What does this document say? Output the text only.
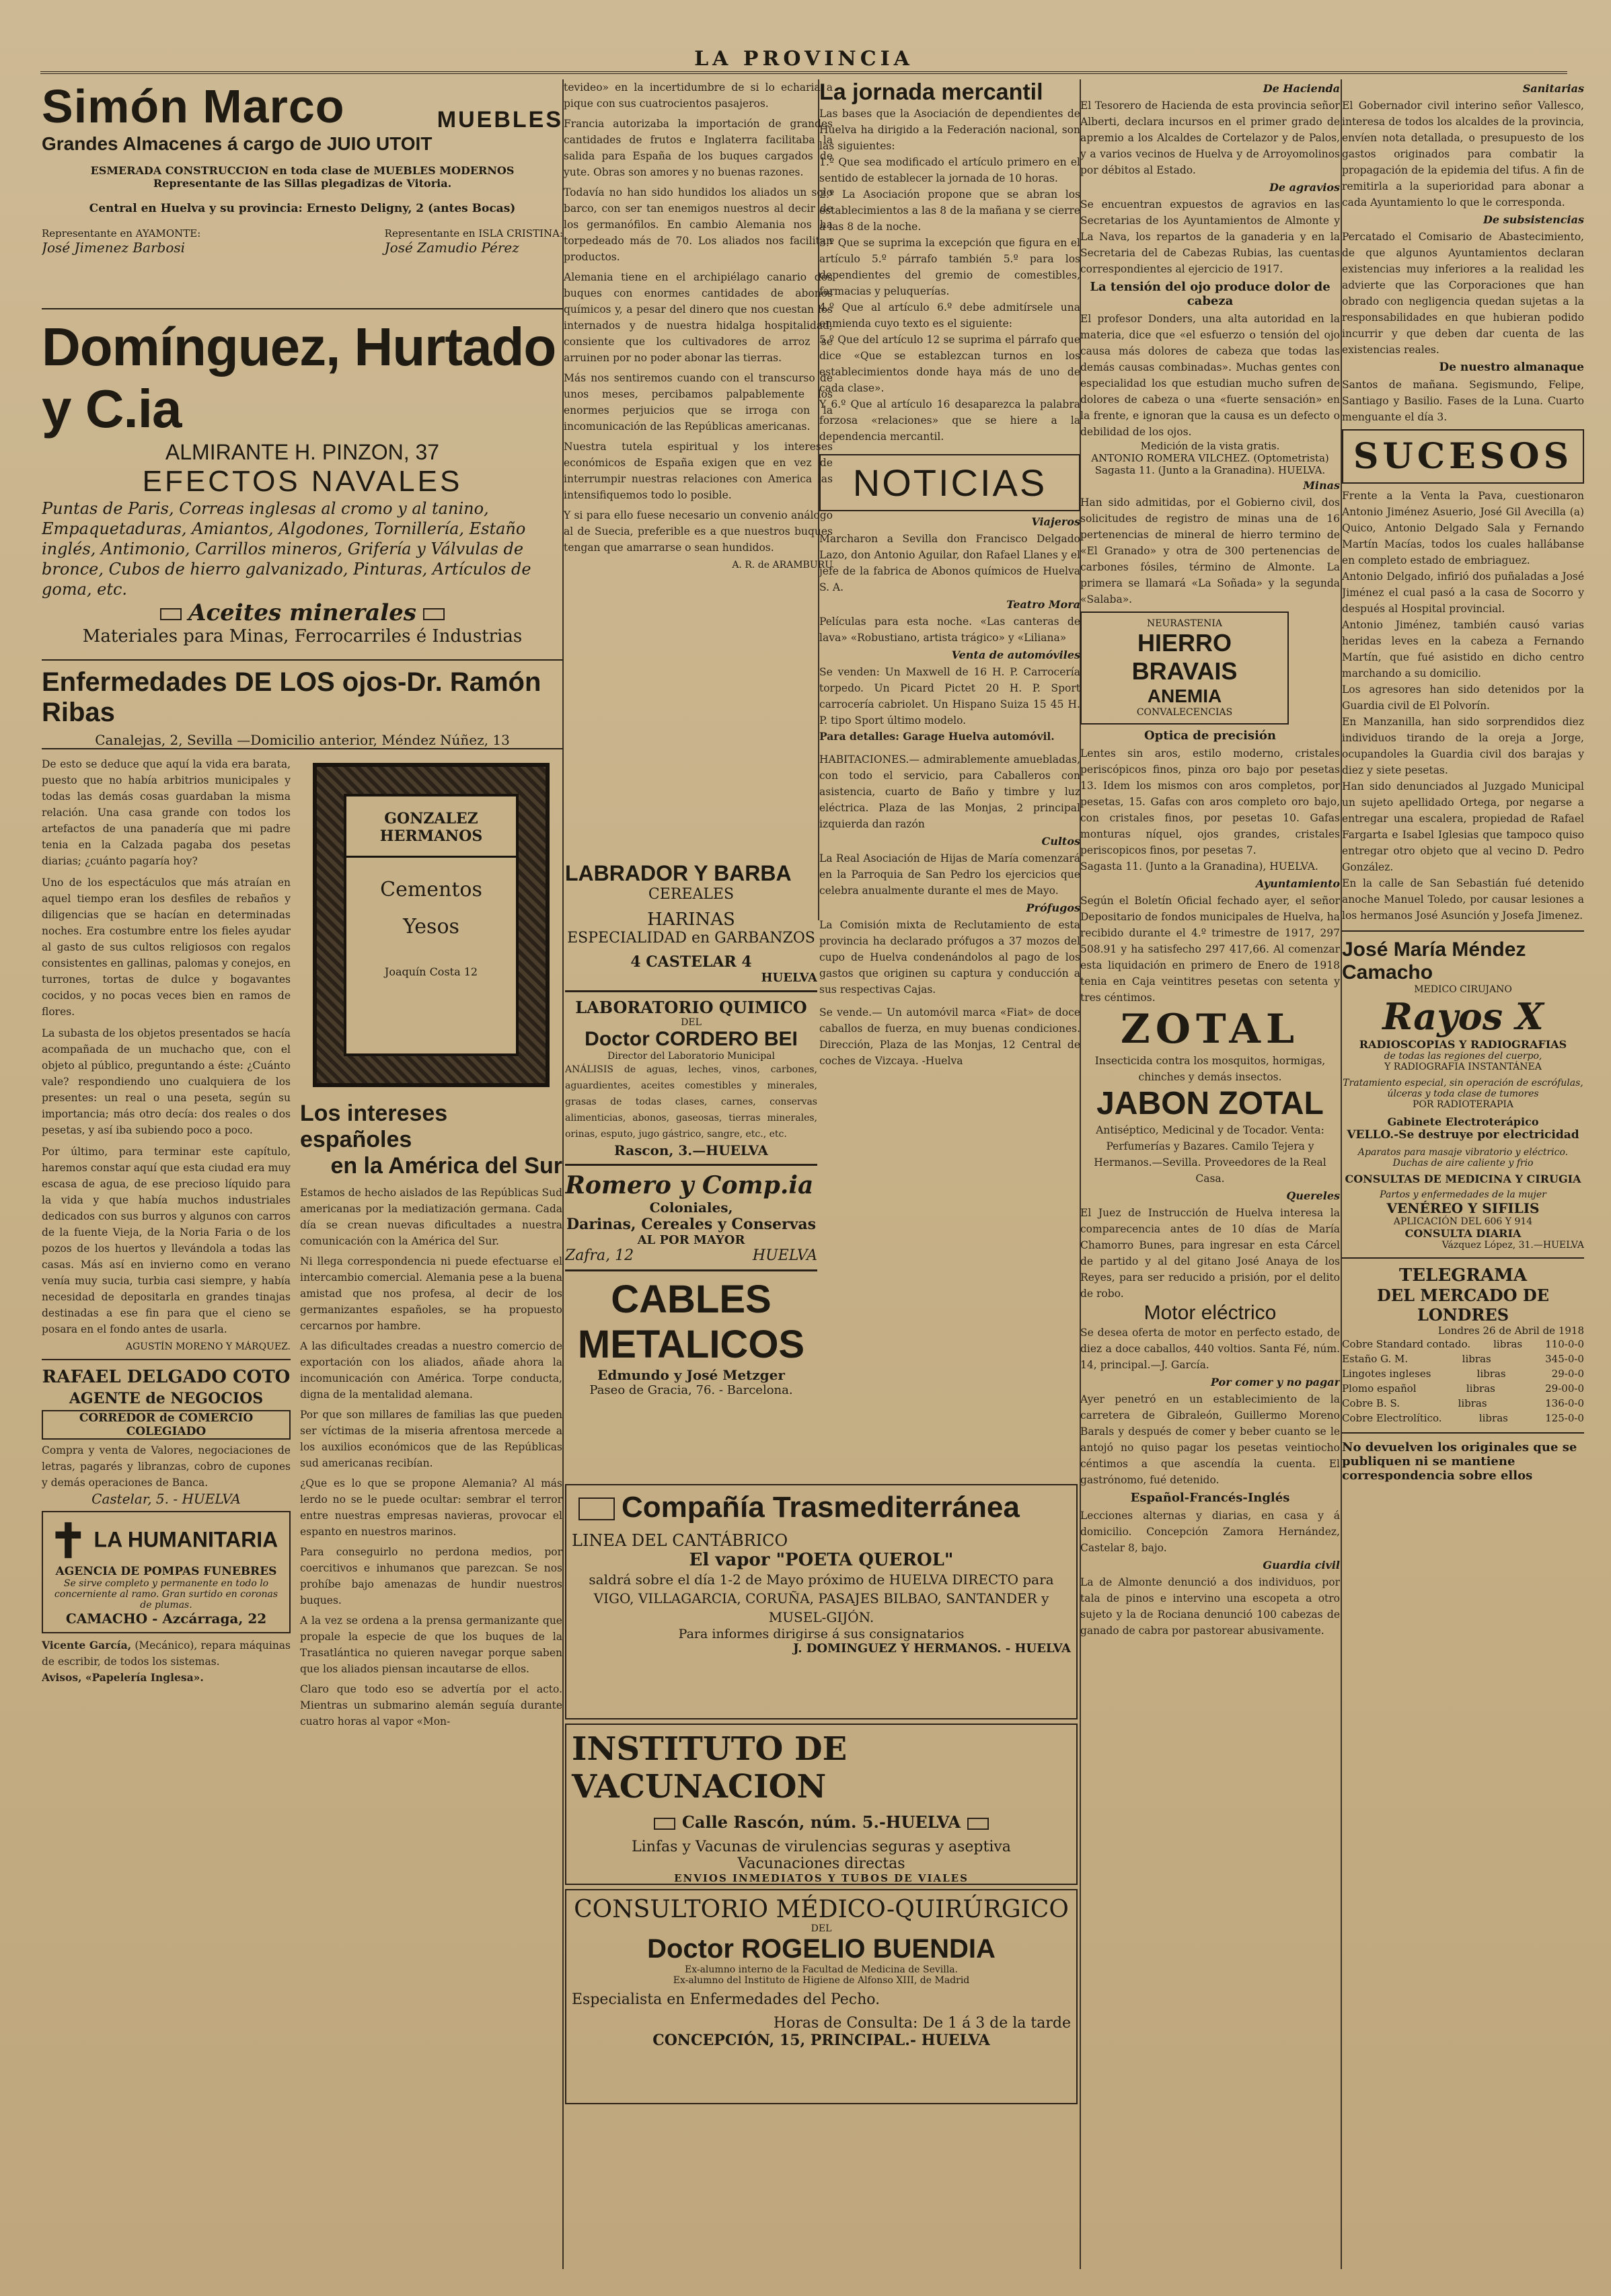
LA PROVINCIA
Simón Marco	MUEBLES

Grandes Almacenes á cargo de JUIO UTOIT

ESMERADA CONSTRUCCION en toda clase de MUEBLES MODERNOS

Representante de las Sillas plegadizas de Vitoria.

Central en Huelva y su provincia: Ernesto Deligny, 2 (antes Bocas)

Representante en AYAMONTE:

José Jimenez Barbosi

Representante en ISLA CRISTINA:

José Zamudio Pérez

Domínguez, Hurtado y C.ia

ALMIRANTE H. PINZON, 37

EFECTOS NAVALES

Puntas de Paris, Correas inglesas al cromo y al tanino, Empaquetaduras, Amiantos, Algodones, Tornillería, Estaño inglés, Antimonio, Carrillos mineros, Grifería y Válvulas de bronce, Cubos de hierro galvanizado, Pinturas, Artículos de goma, etc.

Aceites minerales

Materiales para Minas, Ferrocarriles é Industrias

Enfermedades DE LOS ojos-Dr. Ramón Ribas

Canalejas, 2, Sevilla —Domicilio anterior, Méndez Núñez, 13

De esto se deduce que aquí la vida era barata, puesto que no había arbitrios municipales y todas las demás cosas guardaban la misma relación. Una casa grande con todos los artefactos de una panadería que mi padre tenia en la Calzada pagaba dos pesetas diarias; ¿cuánto pagaría hoy?

Uno de los espectáculos que más atraían en aquel tiempo eran los desfiles de rebaños y diligencias que se hacían en determinadas noches. Era costumbre entre los fieles ayudar al gasto de sus cultos religiosos con regalos consistentes en gallinas, palomas y conejos, en turrones, tortas de dulce y bogavantes cocidos, y no pocas veces bien en ramos de flores.

La subasta de los objetos presentados se hacía acompañada de un muchacho que, con el objeto al público, preguntando a éste: ¿Cuánto vale? respondiendo uno cualquiera de los presentes: un real o una peseta, según su importancia; más otro decía: dos reales o dos pesetas, y así iba subiendo poco a poco.

Por último, para terminar este capítulo, haremos constar aquí que esta ciudad era muy escasa de agua, de ese precioso líquido para la vida y que había muchos industriales dedicados con sus burros y algunos con carros de la fuente Vieja, de la Noria Faria o de los pozos de los huertos y llevándola a todas las casas. Más así en invierno como en verano venía muy sucia, turbia casi siempre, y había necesidad de depositarla en grandes tinajas destinadas a ese fin para que el cieno se posara en el fondo antes de usarla.

AGUSTÍN MORENO Y MÁRQUEZ.

RAFAEL DELGADO COTO

AGENTE de NEGOCIOS

CORREDOR de COMERCIO COLEGIADO

Compra y venta de Valores, negociaciones de letras, pagarés y libranzas, cobro de cupones y demás operaciones de Banca.

Castelar, 5. - HUELVA

✝ LA HUMANITARIA

AGENCIA DE POMPAS FUNEBRES

Se sirve completo y permanente en todo lo concerniente al ramo. Gran surtido en coronas de plumas.

CAMACHO - Azcárraga, 22

Vicente García, (Mecánico), repara máquinas de escribir, de todos los sistemas.

Avisos, «Papelería Inglesa».

GONZALEZ HERMANOS

Cementos

Yesos

Joaquín Costa 12

Los intereses españoles

en la América del Sur

Estamos de hecho aislados de las Repúblicas Sud americanas por la mediatización germana. Cada día se crean nuevas dificultades a nuestra comunicación con la América del Sur.

Ni llega correspondencia ni puede efectuarse el intercambio comercial. Alemania pese a la buena amistad que nos profesa, al decir de los germanizantes españoles, se ha propuesto cercarnos por hambre.

A las dificultades creadas a nuestro comercio de exportación con los aliados, añade ahora la incomunicación con América. Torpe conducta, digna de la mentalidad alemana.

Por que son millares de familias las que pueden ser víctimas de la miseria afrentosa mercede a los auxilios económicos que de las Repúblicas sud americanas recibían.

¿Que es lo que se propone Alemania? Al más lerdo no se le puede ocultar: sembrar el terror entre nuestras empresas navieras, provocar el espanto en nuestros marinos.

Para conseguirlo no perdona medios, por coercitivos e inhumanos que parezcan. Se nos prohíbe bajo amenazas de hundir nuestros buques.

A la vez se ordena a la prensa germanizante que propale la especie de que los buques de la Trasatlántica no quieren navegar porque saben que los aliados piensan incautarse de ellos.

Claro que todo eso se advertía por el acto. Mientras un submarino alemán seguía durante cuatro horas al vapor «Mon-

tevideo» en la incertidumbre de si lo echaria a pique con sus cuatrocientos pasajeros.

Francia autorizaba la importación de grandes cantidades de frutos e Inglaterra facilitaba la salida para España de los buques cargados de yute. Obras son amores y no buenas razones.

Todavía no han sido hundidos los aliados un solo barco, con ser tan enemigos nuestros al decir de los germanófilos. En cambio Alemania nos ha torpedeado más de 70. Los aliados nos facilitan productos.

Alemania tiene en el archipiélago canario dos buques con enormes cantidades de abonos químicos y, a pesar del dinero que nos cuestan los internados y de nuestra hidalga hospitalidad, consiente que los cultivadores de arroz se arruinen por no poder abonar las tierras.

Más nos sentiremos cuando con el transcurso de unos meses, percibamos palpablemente los enormes perjuicios que se irroga con la incomunicación de las Repúblicas americanas.

Nuestra tutela espiritual y los intereses económicos de España exigen que en vez de interrumpir nuestras relaciones con America las intensifiquemos todo lo posible.

Y si para ello fuese necesario un convenio análogo al de Suecia, preferible es a que nuestros buques tengan que amarrarse o sean hundidos.

A. R. de ARAMBURU

La jornada mercantil

Las bases que la Asociación de dependientes de Huelva ha dirigido a la Federación nacional, son las siguientes:

1.º Que sea modificado el artículo primero en el sentido de establecer la jornada de 10 horas.

2.º La Asociación propone que se abran los establecimientos a las 8 de la mañana y se cierre a las 8 de la noche.

3.º Que se suprima la excepción que figura en el artículo 5.º párrafo también 5.º para los dependientes del gremio de comestibles, farmacias y peluquerías.

4.º Que al artículo 6.º debe admitírsele una enmienda cuyo texto es el siguiente:

5.º Que del artículo 12 se suprima el párrafo que dice «Que se establezcan turnos en los establecimientos donde haya más de uno de cada clase».

Y 6.º Que al artículo 16 desaparezca la palabra forzosa «relaciones» que se hiere a la dependencia mercantil.

NOTICIAS

Viajeros

Marcharon a Sevilla don Francisco Delgado Lazo, don Antonio Aguilar, don Rafael Llanes y el jefe de la fabrica de Abonos químicos de Huelva S. A.

Teatro Mora

Películas para esta noche. «Las canteras de lava» «Robustiano, artista trágico» y «Liliana»

Venta de automóviles

Se venden: Un Maxwell de 16 H. P. Carrocería torpedo. Un Picard Pictet 20 H. P. Sport carrocería cabriolet. Un Hispano Suiza 15 45 H. P. tipo Sport último modelo.

Para detalles: Garage Huelva automóvil.

HABITACIONES.— admirablemente amuebladas, con todo el servicio, para Caballeros con asistencia, cuarto de Baño y timbre y luz eléctrica. Plaza de las Monjas, 2 principal izquierda dan razón

Cultos

La Real Asociación de Hijas de María comenzará en la Parroquia de San Pedro los ejercicios que celebra anualmente durante el mes de Mayo.

Prófugos

La Comisión mixta de Reclutamiento de esta provincia ha declarado prófugos a 37 mozos del cupo de Huelva condenándolos al pago de los gastos que originen su captura y conducción a sus respectivas Cajas.

Se vende.— Un automóvil marca «Fiat» de doce caballos de fuerza, en muy buenas condiciones. Dirección, Plaza de las Monjas, 12 Central de coches de Vizcaya. -Huelva

LABRADOR Y BARBA

CEREALES

HARINAS

ESPECIALIDAD en GARBANZOS

4 CASTELAR 4

HUELVA

LABORATORIO QUIMICO

DEL

Doctor CORDERO BEI

Director del Laboratorio Municipal

ANÁLISIS de aguas, leches, vinos, carbones, aguardientes, aceites comestibles y minerales, grasas de todas clases, carnes, conservas alimenticias, abonos, gaseosas, tierras minerales, orinas, esputo, jugo gástrico, sangre, etc., etc.

Rascon, 3.—HUELVA

Romero y Comp.ia

Coloniales,

Darinas, Cereales y Conservas

AL POR MAYOR

Zafra, 12	HUELVA

CABLES

METALICOS

Edmundo y José Metzger

Paseo de Gracia, 76. - Barcelona.

Compañía Trasmediterránea

LINEA DEL CANTÁBRICO

El vapor "POETA QUEROL"

saldrá sobre el día 1-2 de Mayo próximo de HUELVA DIRECTO para VIGO, VILLAGARCIA, CORUÑA, PASAJES BILBAO, SANTANDER y MUSEL-GIJÓN.

Para informes dirigirse á sus consignatarios

J. DOMINGUEZ Y HERMANOS. - HUELVA

INSTITUTO DE VACUNACION

Calle Rascón, núm. 5.-HUELVA

Linfas y Vacunas de virulencias seguras y aseptiva

Vacunaciones directas

ENVIOS INMEDIATOS Y TUBOS DE VIALES

CONSULTORIO MÉDICO-QUIRÚRGICO

DEL

Doctor ROGELIO BUENDIA

Ex-alumno interno de la Facultad de Medicina de Sevilla.

Ex-alumno del Instituto de Higiene de Alfonso XIII, de Madrid

Especialista en Enfermedades del Pecho.

Horas de Consulta: De 1 á 3 de la tarde

CONCEPCIÓN, 15, PRINCIPAL.- HUELVA

De Hacienda

El Tesorero de Hacienda de esta provincia señor Alberti, declara incursos en el primer grado de apremio a los Alcaldes de Cortelazor y de Palos, y a varios vecinos de Huelva y de Arroyomolinos por débitos al Estado.

De agravios

Se encuentran expuestos de agravios en las Secretarias de los Ayuntamientos de Almonte y La Nava, los repartos de la ganaderia y en la Secretaria del de Cabezas Rubias, las cuentas correspondientes al ejercicio de 1917.

La tensión del ojo produce dolor de cabeza

El profesor Donders, una alta autoridad en la materia, dice que «el esfuerzo o tensión del ojo causa más dolores de cabeza que todas las demás causas combinadas». Muchas gentes con especialidad los que estudian mucho sufren de dolores de cabeza o una «fuerte sensación» en la frente, e ignoran que la causa es un defecto o debilidad de los ojos.

Medición de la vista gratis.

ANTONIO ROMERA VILCHEZ. (Optometrista)

Sagasta 11. (Junto a la Granadina). HUELVA.

Minas

Han sido admitidas, por el Gobierno civil, dos solicitudes de registro de minas una de 16 pertenencias de mineral de hierro termino de «El Granado» y otra de 300 pertenencias de carbones fósiles, término de Almonte. La primera se llamará «La Soñada» y la segunda «Salaba».

NEURASTENIA

HIERRO BRAVAIS

ANEMIA

CONVALECENCIAS

Optica de precisión

Lentes sin aros, estilo moderno, cristales periscópicos finos, pinza oro bajo por pesetas 13. Idem los mismos con aros completos, por pesetas, 15. Gafas con aros completo oro bajo, con cristales finos, por pesetas 10. Gafas monturas níquel, ojos grandes, cristales periscopicos finos, por pesetas 7.

Sagasta 11. (Junto a la Granadina), HUELVA.

Ayuntamiento

Según el Boletín Oficial fechado ayer, el señor Depositario de fondos municipales de Huelva, ha recibido durante el 4.º trimestre de 1917, 297 508.91 y ha satisfecho 297 417,66. Al comenzar esta liquidación en primero de Enero de 1918 tenia en Caja veintitres pesetas con setenta y tres céntimos.

ZOTAL

Insecticida contra los mosquitos, hormigas, chinches y demás insectos.

JABON ZOTAL

Antiséptico, Medicinal y de Tocador. Venta: Perfumerías y Bazares. Camilo Tejera y Hermanos.—Sevilla. Proveedores de la Real Casa.

Quereles

El Juez de Instrucción de Huelva interesa la comparecencia antes de 10 días de María Chamorro Bunes, para ingresar en esta Cárcel de partido y al del gitano José Anaya de los Reyes, para ser reducido a prisión, por el delito de robo.

Motor eléctrico

Se desea oferta de motor en perfecto estado, de diez a doce caballos, 440 voltios. Santa Fé, núm. 14, principal.—J. García.

Por comer y no pagar

Ayer penetró en un establecimiento de la carretera de Gibraleón, Guillermo Moreno Barals y después de comer y beber cuanto se le antojó no quiso pagar los pesetas veintiocho céntimos a que ascendía la cuenta. El gastrónomo, fué detenido.

Español-Francés-Inglés

Lecciones alternas y diarias, en casa y á domicilio. Concepción Zamora Hernández, Castelar 8, bajo.

Guardia civil

La de Almonte denunció a dos individuos, por tala de pinos e intervino una escopeta a otro sujeto y la de Rociana denunció 100 cabezas de ganado de cabra por pastorear abusivamente.

Sanitarias

El Gobernador civil interino señor Vallesco, interesa de todos los alcaldes de la provincia, envíen nota detallada, o presupuesto de los gastos originados para combatir la propagación de la epidemia del tifus. A fin de remitirla a la superioridad para abonar a cada Ayuntamiento lo que le corresponda.

De subsistencias

Percatado el Comisario de Abastecimiento, de que algunos Ayuntamientos declaran existencias muy inferiores a la realidad les advierte que las Corporaciones que han obrado con negligencia quedan sujetas a la responsabilidades en que hubieran podido incurrir y que deben dar cuenta de las existencias reales.

De nuestro almanaque

Santos de mañana. Segismundo, Felipe, Santiago y Basilio. Fases de la Luna. Cuarto menguante el día 3.

SUCESOS

Frente a la Venta la Pava, cuestionaron Antonio Jiménez Asuerio, José Gil Avecilla (a) Quico, Antonio Delgado Sala y Fernando Martín Macías, todos los cuales hallábanse en completo estado de embriaguez.

Antonio Delgado, infirió dos puñaladas a José Jiménez el cual pasó a la casa de Socorro y después al Hospital provincial.

Antonio Jiménez, también causó varias heridas leves en la cabeza a Fernando Martín, que fué asistido en dicho centro marchando a su domicilio.

Los agresores han sido detenidos por la Guardia civil de El Polvorín.

En Manzanilla, han sido sorprendidos diez individuos tirando de la oreja a Jorge, ocupandoles la Guardia civil dos barajas y diez y siete pesetas.

Han sido denunciados al Juzgado Municipal un sujeto apellidado Ortega, por negarse a entregar una escalera, propiedad de Rafael Fargarta e Isabel Iglesias que tampoco quiso entregar otro objeto que al vecino D. Pedro González.

En la calle de San Sebastián fué detenido anoche Manuel Toledo, por causar lesiones a los hermanos José Asunción y Josefa Jimenez.

José María Méndez Camacho

MEDICO CIRUJANO

Rayos X

RADIOSCOPIAS Y RADIOGRAFIAS

de todas las regiones del cuerpo,

Y RADIOGRAFIA INSTANTÁNEA

Tratamiento especial, sin operación de escrófulas, úlceras y toda clase de tumores

POR RADIOTERAPIA

Gabinete Electroterápico

VELLO.-Se destruye por electricidad

Aparatos para masaje vibratorio y eléctrico. Duchas de aire caliente y frio

CONSULTAS DE MEDICINA Y CIRUGIA

Partos y enfermedades de la mujer

VENÉREO Y SIFILIS

APLICACIÓN DEL 606 Y 914

CONSULTA DIARIA

Vázquez López, 31.—HUELVA

TELEGRAMA

DEL MERCADO DE LONDRES

Londres 26 de Abril de 1918

Cobre Standard contado. libras 110-0-0
Estaño G. M.	libras	345-0-0
Lingotes ingleses	libras	29-0-0
Plomo español	libras	29-00-0
Cobre B. S.	libras	136-0-0
Cobre Electrolítico.	libras	125-0-0

No devuelven los originales que se publiquen ni se mantiene correspondencia sobre ellos
